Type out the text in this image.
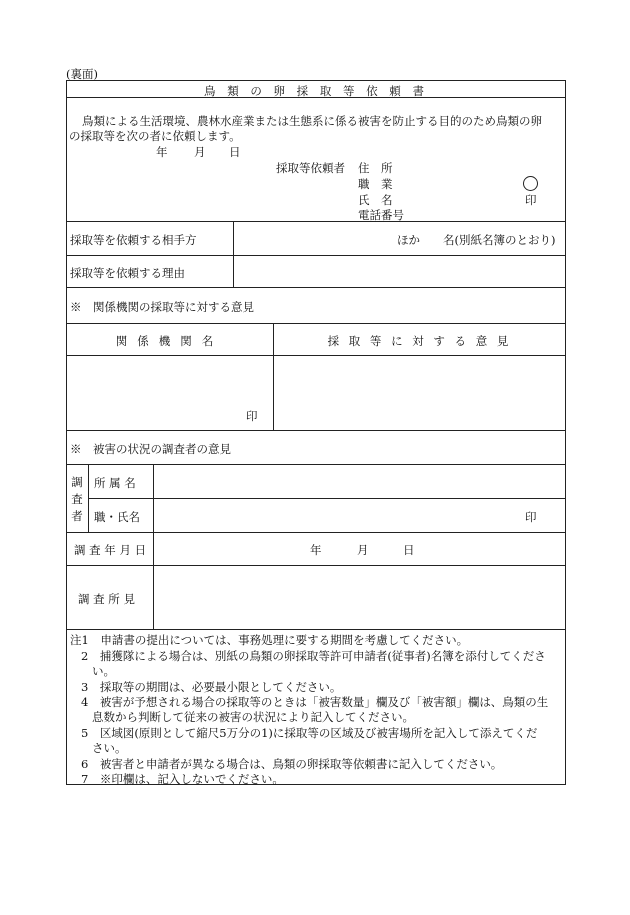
(裏面)
鳥 類 の 卵 採 取 等 依 頼 書
鳥類による生活環境、農林水産業または生態系に係る被害を防止する目的のため鳥類の卵
の採取等を次の者に依頼します。
年 月 日
採取等依頼者 住　所
職　業
氏　名
電話番号
印
採取等を依頼する相手方	ほか　　名(別紙名簿のとおり)
採取等を依頼する理由
※　関係機関の採取等に対する意見
関係機関名	採 取 等 に 対 す る 意 見
印
※　被害の状況の調査者の意見
調
査
者
所 属 名
職・氏名	印
調 査 年 月 日	年	月	日
調 査 所 見
注1　申請書の提出については、事務処理に要する期間を考慮してください。
2　捕獲隊による場合は、別紙の鳥類の卵採取等許可申請者(従事者)名簿を添付してくださ
い。
3　採取等の期間は、必要最小限としてください。
4　被害が予想される場合の採取等のときは「被害数量」欄及び「被害額」欄は、鳥類の生
息数から判断して従来の被害の状況により記入してください。
5　区域図(原則として縮尺5万分の1)に採取等の区域及び被害場所を記入して添えてくだ
さい。
6　被害者と申請者が異なる場合は、鳥類の卵採取等依頼書に記入してください。
7　※印欄は、記入しないでください。
